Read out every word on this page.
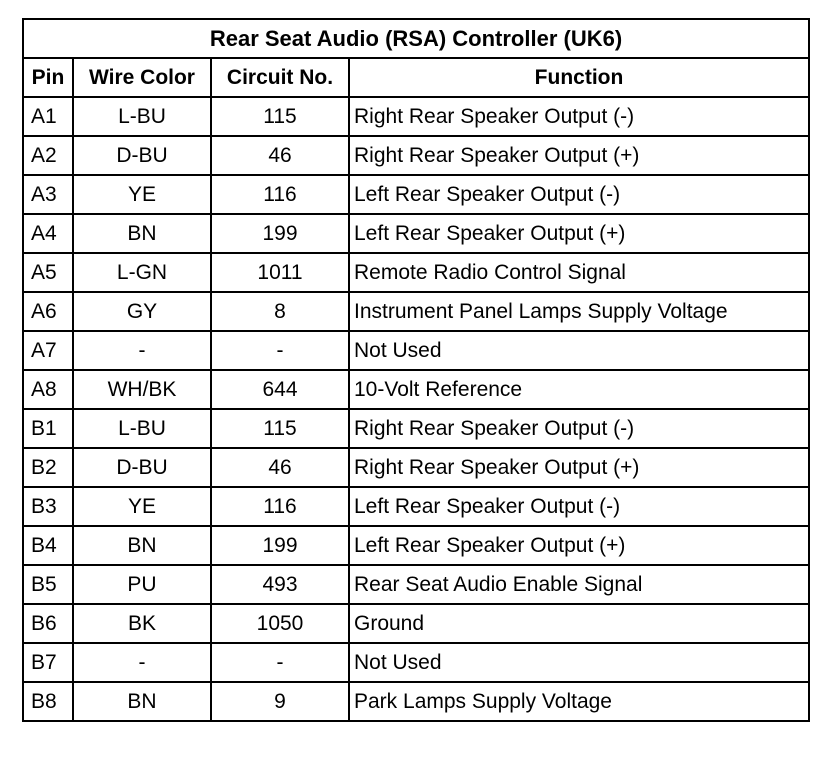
Rear Seat Audio (RSA) Controller (UK6)			
Pin	Wire Color	Circuit No.	Function
A1	L-BU	115	Right Rear Speaker Output (-)
A2	D-BU	46	Right Rear Speaker Output (+)
A3	YE	116	Left Rear Speaker Output (-)
A4	BN	199	Left Rear Speaker Output (+)
A5	L-GN	1011	Remote Radio Control Signal
A6	GY	8	Instrument Panel Lamps Supply Voltage
A7	-	-	Not Used
A8	WH/BK	644	10-Volt Reference
B1	L-BU	115	Right Rear Speaker Output (-)
B2	D-BU	46	Right Rear Speaker Output (+)
B3	YE	116	Left Rear Speaker Output (-)
B4	BN	199	Left Rear Speaker Output (+)
B5	PU	493	Rear Seat Audio Enable Signal
B6	BK	1050	Ground
B7	-	-	Not Used
B8	BN	9	Park Lamps Supply Voltage
